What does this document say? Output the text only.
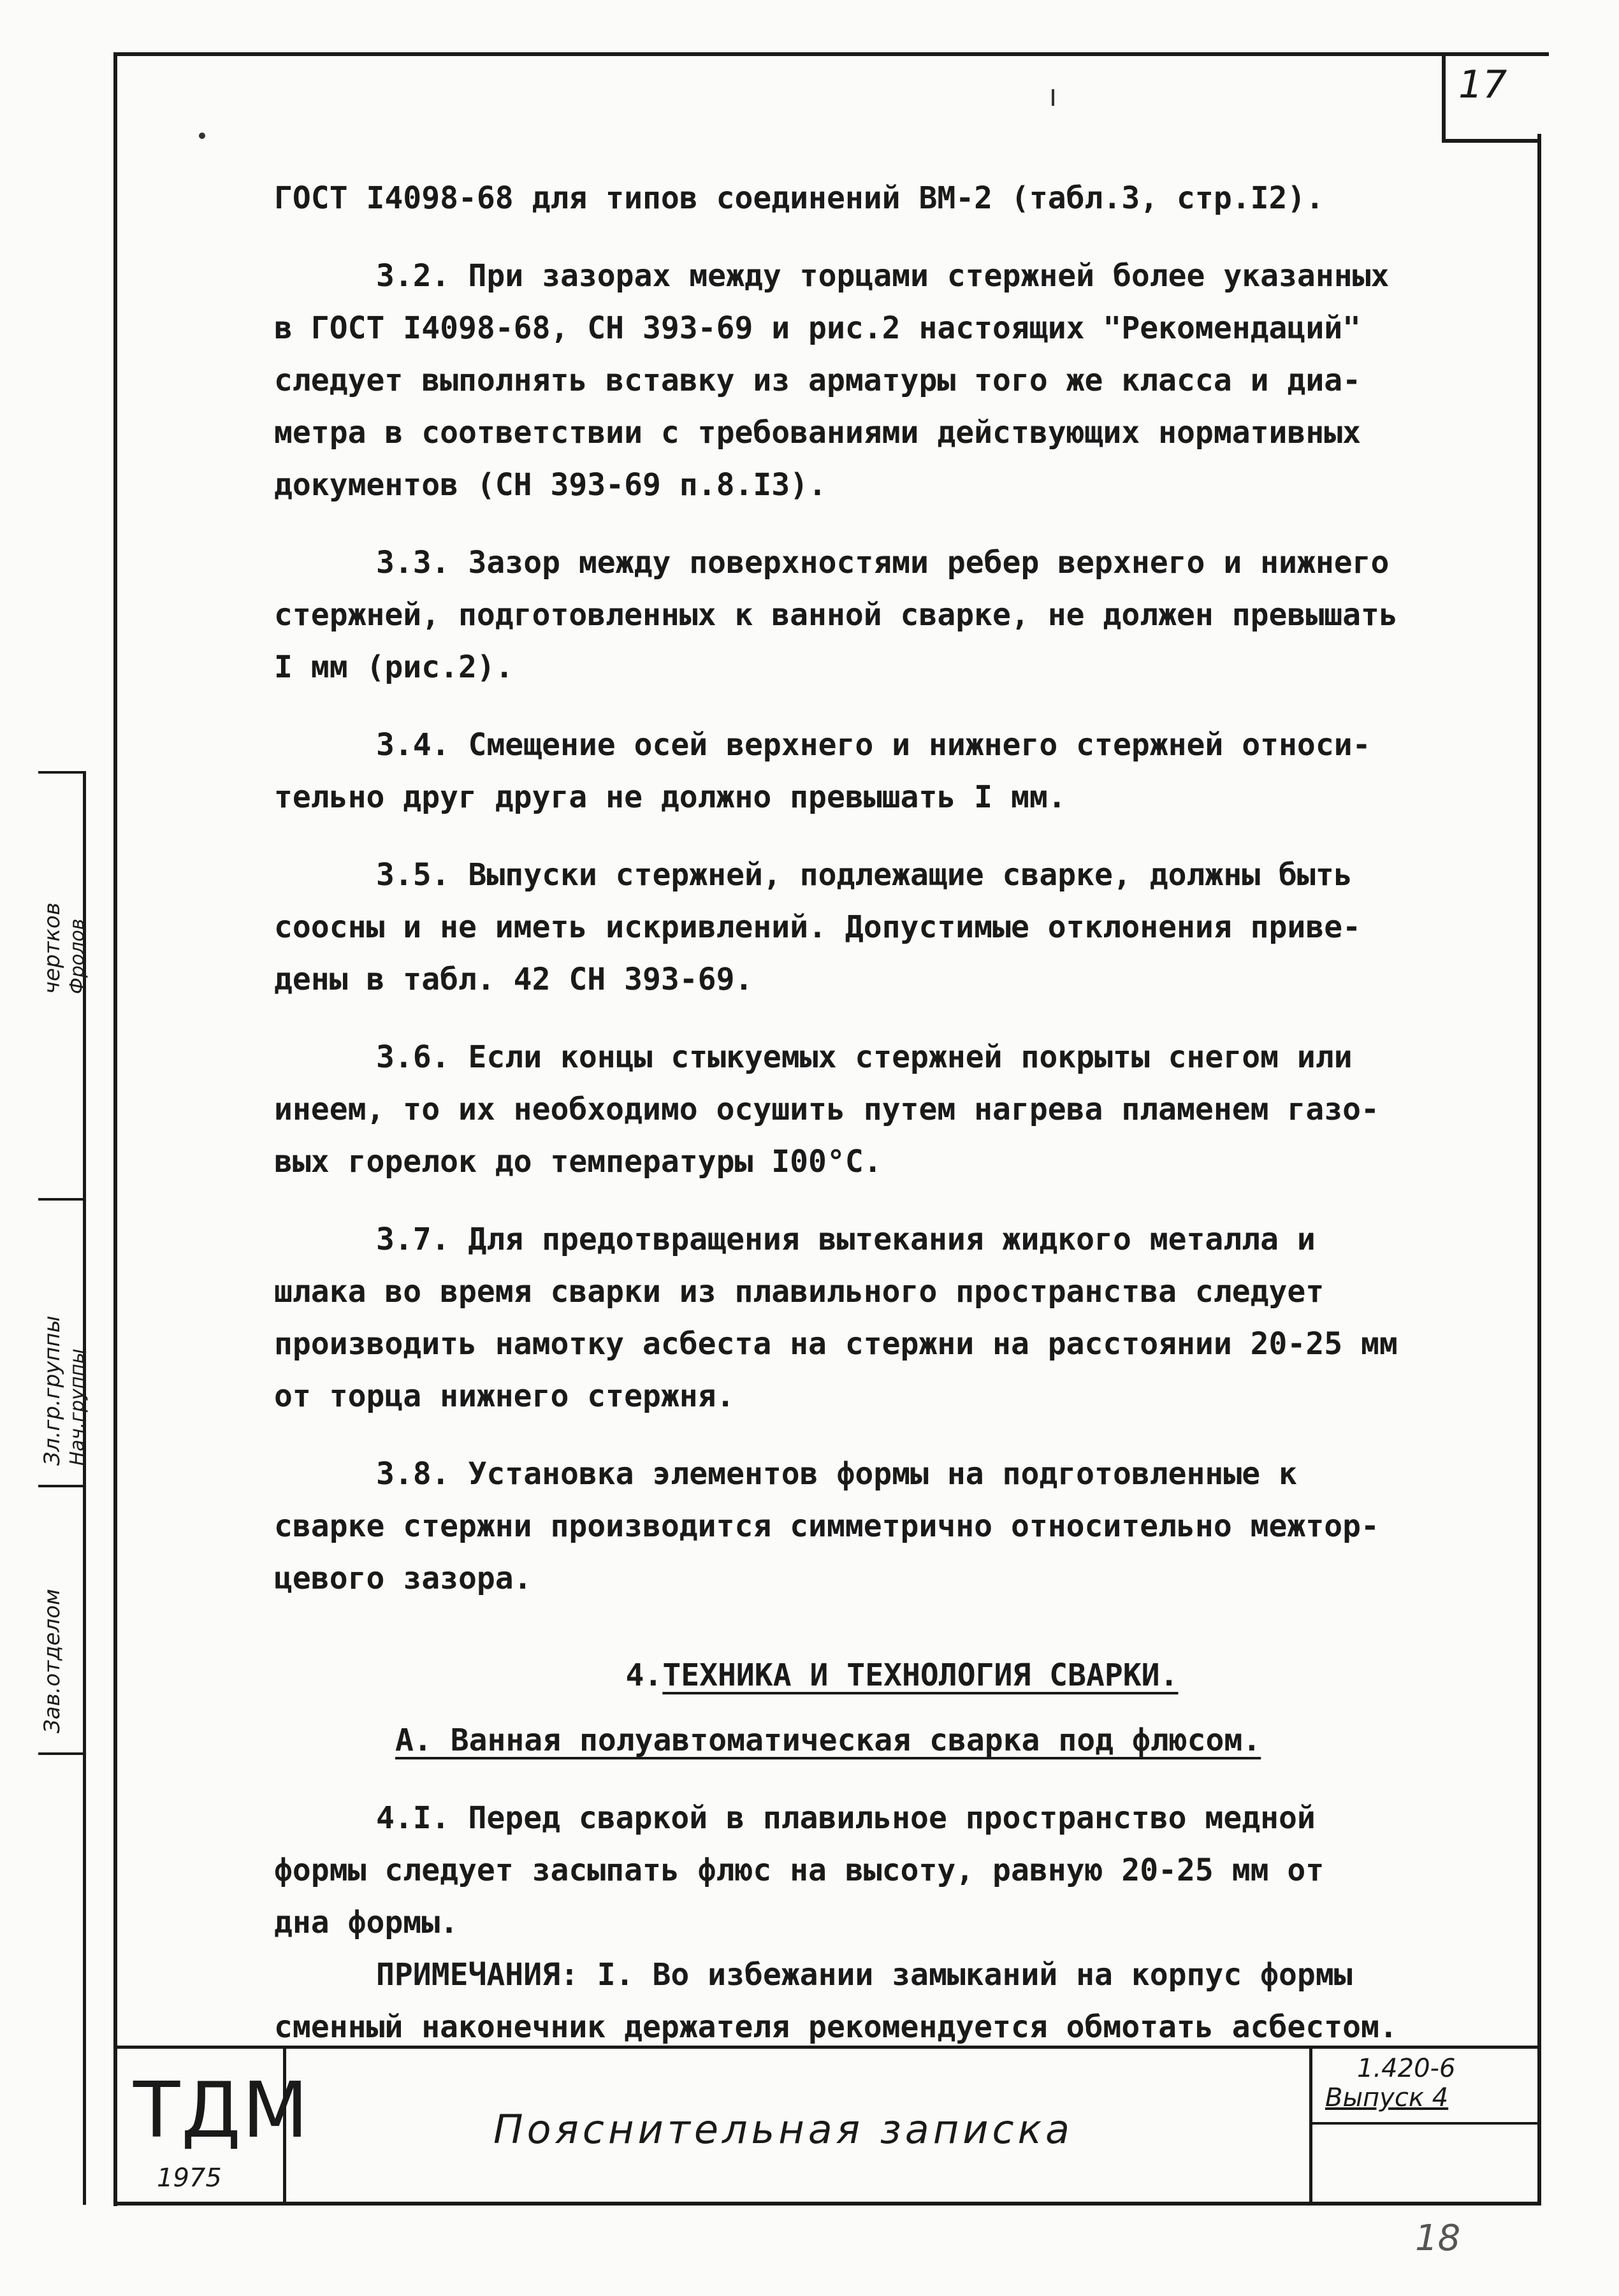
17
ГОСТ I4098-68 для типов соединений ВМ-2 (табл.3, стр.I2).
3.2. При зазорах между торцами стержней более указанных
в ГОСТ I4098-68, СН 393-69 и рис.2 настоящих "Рекомендаций"
следует выполнять вставку из арматуры того же класса и диа-
метра в соответствии с требованиями действующих нормативных
документов (СН 393-69 п.8.I3).
3.3. Зазор между поверхностями ребер верхнего и нижнего
стержней, подготовленных к ванной сварке, не должен превышать
I мм (рис.2).
3.4. Смещение осей верхнего и нижнего стержней относи-
тельно друг друга не должно превышать I мм.
3.5. Выпуски стержней, подлежащие сварке, должны быть
соосны и не иметь искривлений. Допустимые отклонения приве-
дены в табл. 42 СН 393-69.
3.6. Если концы стыкуемых стержней покрыты снегом или
инеем, то их необходимо осушить путем нагрева пламенем газо-
вых горелок до температуры I00°С.
3.7. Для предотвращения вытекания жидкого металла и
шлака во время сварки из плавильного пространства следует
производить намотку асбеста на стержни на расстоянии 20-25 мм
от торца нижнего стержня.
3.8. Установка элементов формы на подготовленные к
сварке стержни производится симметрично относительно межтор-
цевого зазора.
4.ТЕХНИКА И ТЕХНОЛОГИЯ СВАРКИ.
А. Ванная полуавтоматическая сварка под флюсом.
4.I. Перед сваркой в плавильное пространство медной
формы следует засыпать флюс на высоту, равную 20-25 мм от
дна формы.
ПРИМЕЧАНИЯ: I. Во избежании замыканий на корпус формы
сменный наконечник держателя рекомендуется обмотать асбестом.
чертков Фролов
Зл.гр.группы Нач.группы
Зав.отделом
ТДМ
1975
Пояснительная записка
1.420-6
Выпуск 4
18
